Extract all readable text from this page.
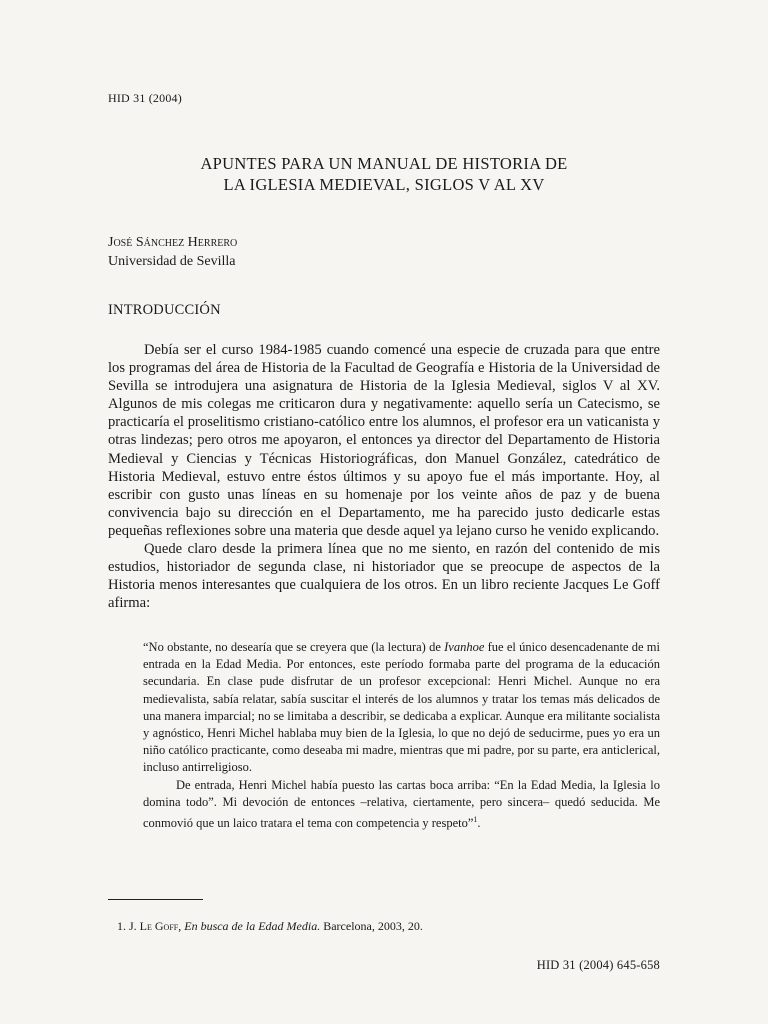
HID 31 (2004)
APUNTES PARA UN MANUAL DE HISTORIA DE
LA IGLESIA MEDIEVAL, SIGLOS V AL XV
José Sánchez Herrero
Universidad de Sevilla
INTRODUCCIÓN

Debía ser el curso 1984-1985 cuando comencé una especie de cruzada para que entre los programas del área de Historia de la Facultad de Geografía e Historia de la Universidad de Sevilla se introdujera una asignatura de Historia de la Iglesia Medieval, siglos V al XV. Algunos de mis colegas me criticaron dura y negativamente: aquello sería un Catecismo, se practicaría el proselitismo cristiano-católico entre los alumnos, el profesor era un vaticanista y otras lindezas; pero otros me apoyaron, el entonces ya director del Departamento de Historia Medieval y Ciencias y Técnicas Historiográficas, don Manuel González, catedrático de Historia Medieval, estuvo entre éstos últimos y su apoyo fue el más importante. Hoy, al escribir con gusto unas líneas en su homenaje por los veinte años de paz y de buena convivencia bajo su dirección en el Departamento, me ha parecido justo dedicarle estas pequeñas reflexiones sobre una materia que desde aquel ya lejano curso he venido explicando.

Quede claro desde la primera línea que no me siento, en razón del contenido de mis estudios, historiador de segunda clase, ni historiador que se preocupe de aspectos de la Historia menos interesantes que cualquiera de los otros. En un libro reciente Jacques Le Goff afirma:

“No obstante, no desearía que se creyera que (la lectura) de Ivanhoe fue el único desencadenante de mi entrada en la Edad Media. Por entonces, este período formaba parte del programa de la educación secundaria. En clase pude disfrutar de un profesor excepcional: Henri Michel. Aunque no era medievalista, sabía relatar, sabía suscitar el interés de los alumnos y tratar los temas más delicados de una manera imparcial; no se limitaba a describir, se dedicaba a explicar. Aunque era militante socialista y agnóstico, Henri Michel hablaba muy bien de la Iglesia, lo que no dejó de seducirme, pues yo era un niño católico practicante, como deseaba mi madre, mientras que mi padre, por su parte, era anticlerical, incluso antirreligioso.

De entrada, Henri Michel había puesto las cartas boca arriba: “En la Edad Media, la Iglesia lo domina todo”. Mi devoción de entonces –relativa, ciertamente, pero sincera– quedó seducida. Me conmovió que un laico tratara el tema con competencia y respeto”$^1$.

1. J. Le Goff, En busca de la Edad Media. Barcelona, 2003, 20.
HID 31 (2004) 645-658
